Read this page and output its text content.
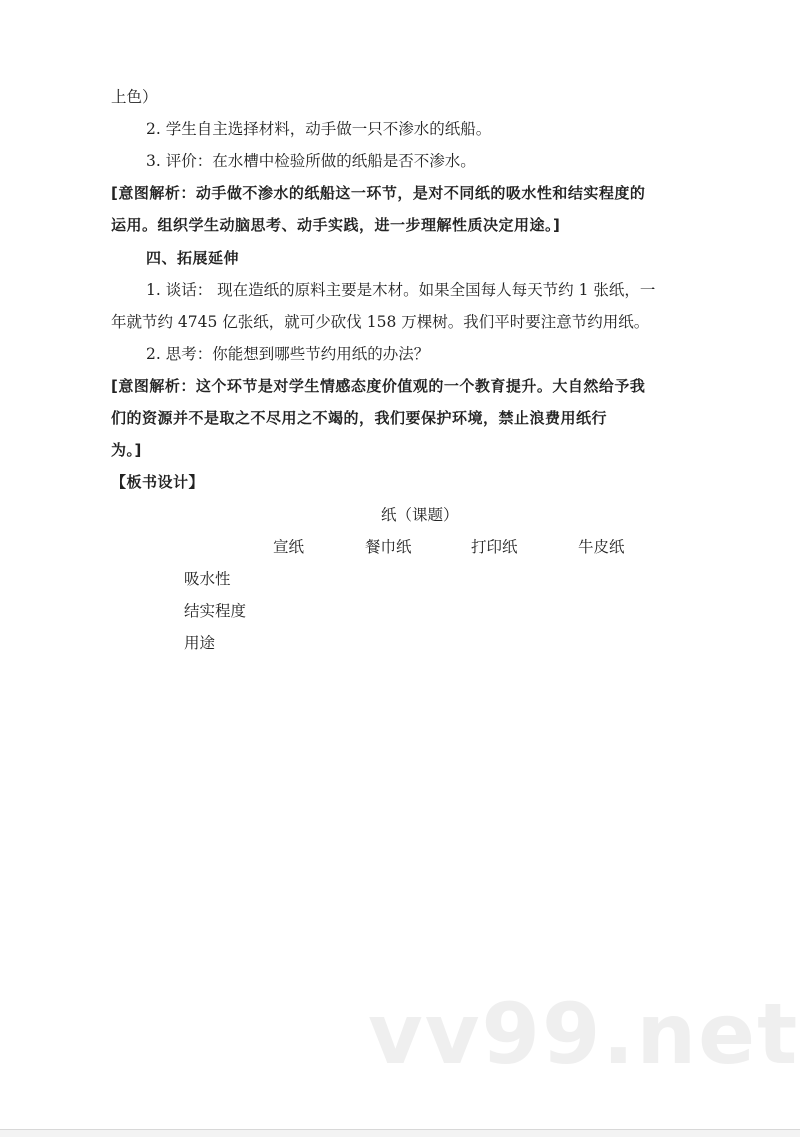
上色）
2. 学生自主选择材料，动手做一只不渗水的纸船。
3. 评价：在水槽中检验所做的纸船是否不渗水。
[意图解析：动手做不渗水的纸船这一环节，是对不同纸的吸水性和结实程度的
运用。组织学生动脑思考、动手实践，进一步理解性质决定用途。]
四、拓展延伸
1. 谈话： 现在造纸的原料主要是木材。如果全国每人每天节约 1 张纸，一
年就节约 4745 亿张纸，就可少砍伐 158 万棵树。我们平时要注意节约用纸。
2. 思考：你能想到哪些节约用纸的办法？
[意图解析：这个环节是对学生情感态度价值观的一个教育提升。大自然给予我
们的资源并不是取之不尽用之不竭的，我们要保护环境，禁止浪费用纸行
为。]
【板书设计】
纸（课题）
宣纸	餐巾纸	打印纸	牛皮纸
吸水性
结实程度
用途
vv99.net
